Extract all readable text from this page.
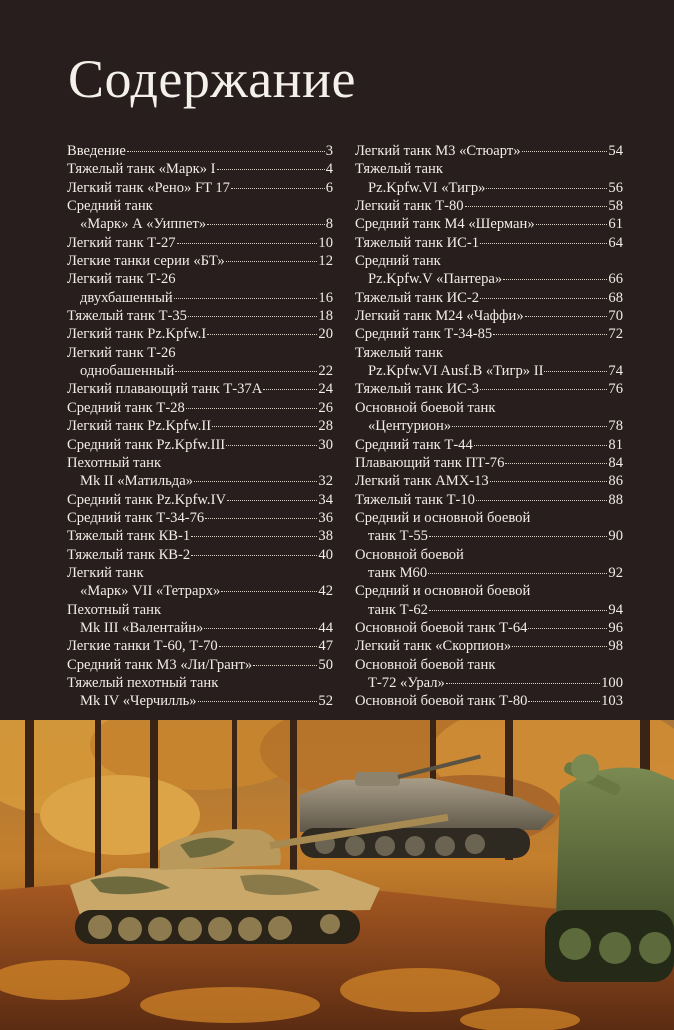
Содержание
Введение	3
Тяжелый танк «Марк» I	4
Легкий танк «Рено» FT 17	6
Средний танк
«Марк» А «Уиппет»	8
Легкий танк Т-27	10
Легкие танки серии «БТ»	12
Легкий танк Т-26
двухбашенный	16
Тяжелый танк Т-35	18
Легкий танк Pz.Kpfw.I	20
Легкий танк Т-26
однобашенный	22
Легкий плавающий танк Т-37А	24
Средний танк Т-28	26
Легкий танк Pz.Kpfw.II	28
Средний танк Pz.Kpfw.III	30
Пехотный танк
Mk II «Матильда»	32
Средний танк Pz.Kpfw.IV	34
Средний танк Т-34-76	36
Тяжелый танк КВ-1	38
Тяжелый танк КВ-2	40
Легкий танк
«Марк» VII «Тетрарх»	42
Пехотный танк
Mk III «Валентайн»	44
Легкие танки Т-60, Т-70	47
Средний танк М3 «Ли/Грант»	50
Тяжелый пехотный танк
Mk IV «Черчилль»	52
Легкий танк М3 «Стюарт»	54
Тяжелый танк
Pz.Kpfw.VI «Тигр»	56
Легкий танк Т-80	58
Средний танк М4 «Шерман»	61
Тяжелый танк ИС-1	64
Средний танк
Pz.Kpfw.V «Пантера»	66
Тяжелый танк ИС-2	68
Легкий танк М24 «Чаффи»	70
Средний танк Т-34-85	72
Тяжелый танк
Pz.Kpfw.VI Ausf.B «Тигр» II	74
Тяжелый танк ИС-3	76
Основной боевой танк
«Центурион»	78
Средний танк Т-44	81
Плавающий танк ПТ-76	84
Легкий танк AMX-13	86
Тяжелый танк Т-10	88
Средний и основной боевой
танк Т-55	90
Основной боевой
танк М60	92
Средний и основной боевой
танк Т-62	94
Основной боевой танк Т-64	96
Легкий танк «Скорпион»	98
Основной боевой танк
Т-72 «Урал»	100
Основной боевой танк Т-80	103
